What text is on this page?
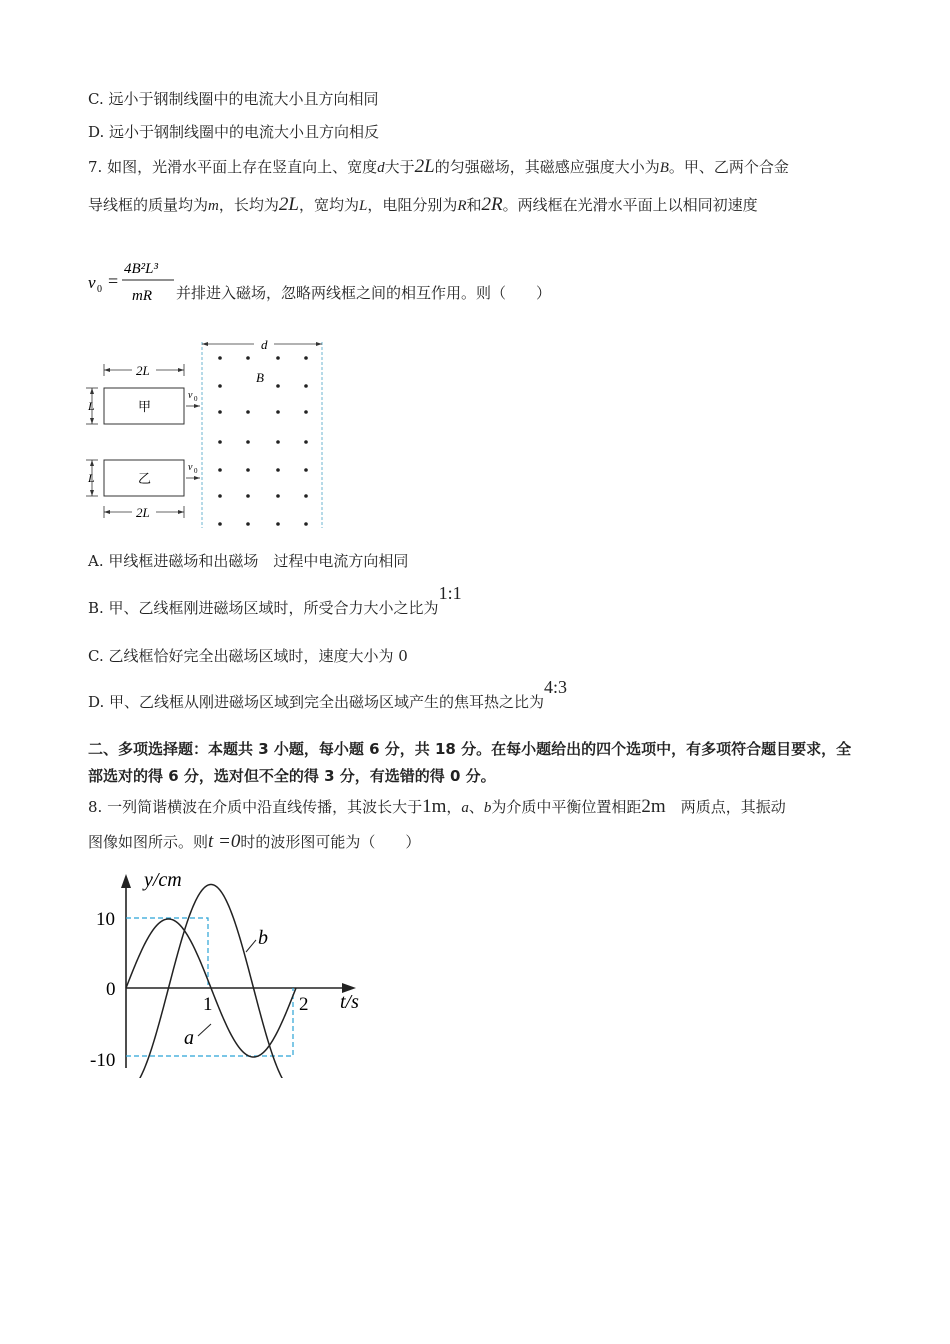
C. 远小于钢制线圈中的电流大小且方向相同
D. 远小于钢制线圈中的电流大小且方向相反
7. 如图，光滑水平面上存在竖直向上、宽度d大于2L的匀强磁场，其磁感应强度大小为B。甲、乙两个合金
导线框的质量均为m，长均为2L，宽均为L，电阻分别为R和2R。两线框在光滑水平面上以相同初速度
v 0 =
4B²L³
mR 并排进入磁场，忽略两线框之间的相互作用。则（　　）
d
B
2L
甲
L
v 0
乙
L
v 0
2L
A. 甲线框进磁场和出磁场　过程中电流方向相同
B. 甲、乙线框刚进磁场区域时，所受合力大小之比为1:1
C. 乙线框恰好完全出磁场区域时，速度大小为 0
D. 甲、乙线框从刚进磁场区域到完全出磁场区域产生的焦耳热之比为4:3
二、多项选择题：本题共 3 小题，每小题 6 分，共 18 分。在每小题给出的四个选项中，有多项符合题目要求，全
部选对的得 6 分，选对但不全的得 3 分，有选错的得 0 分。
8. 一列简谐横波在介质中沿直线传播，其波长大于1m，a、b为介质中平衡位置相距2m　两质点，其振动
图像如图所示。则t =0时的波形图可能为（　　）
y/cm
t/s
10
0
-10
1	2
b
a
